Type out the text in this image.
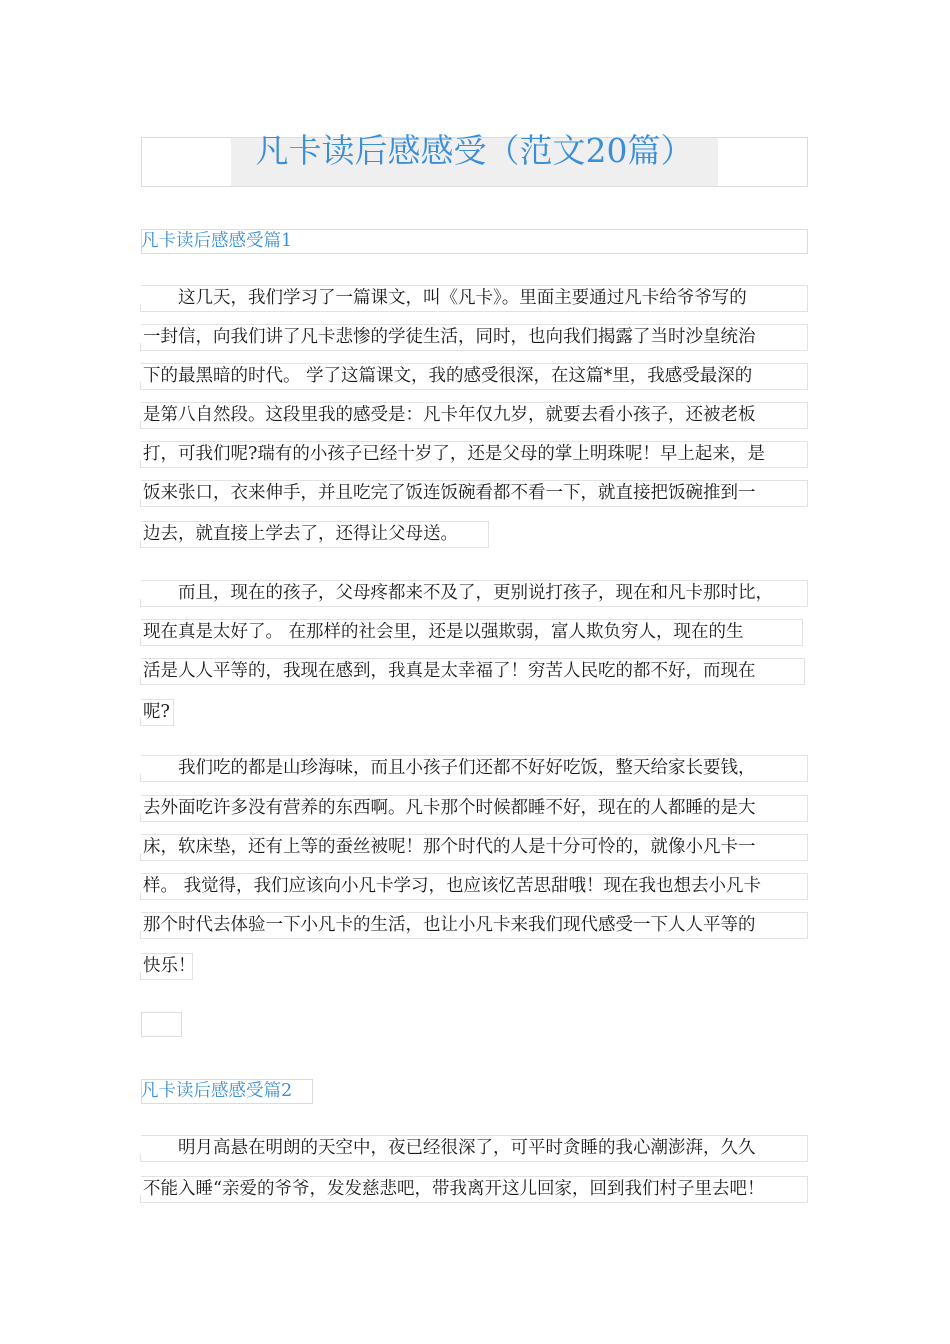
凡卡读后感感受（范文20篇）
凡卡读后感感受篇1
　　这几天，我们学习了一篇课文，叫《凡卡》。里面主要通过凡卡给爷爷写的
一封信，向我们讲了凡卡悲惨的学徒生活，同时，也向我们揭露了当时沙皇统治
下的最黑暗的时代。 学了这篇课文，我的感受很深，在这篇*里，我感受最深的
是第八自然段。这段里我的感受是：凡卡年仅九岁，就要去看小孩子，还被老板
打，可我们呢?瑞有的小孩子已经十岁了，还是父母的掌上明珠呢！早上起来，是
饭来张口，衣来伸手，并且吃完了饭连饭碗看都不看一下，就直接把饭碗推到一
边去，就直接上学去了，还得让父母送。
　　而且，现在的孩子，父母疼都来不及了，更别说打孩子，现在和凡卡那时比，
现在真是太好了。 在那样的社会里，还是以强欺弱，富人欺负穷人，现在的生
活是人人平等的，我现在感到，我真是太幸福了！穷苦人民吃的都不好，而现在
呢?
　　我们吃的都是山珍海味，而且小孩子们还都不好好吃饭，整天给家长要钱，
去外面吃许多没有营养的东西啊。凡卡那个时候都睡不好，现在的人都睡的是大
床，软床垫，还有上等的蚕丝被呢！那个时代的人是十分可怜的，就像小凡卡一
样。 我觉得，我们应该向小凡卡学习，也应该忆苦思甜哦！现在我也想去小凡卡
那个时代去体验一下小凡卡的生活，也让小凡卡来我们现代感受一下人人平等的
快乐！
凡卡读后感感受篇2
　　明月高悬在明朗的天空中，夜已经很深了，可平时贪睡的我心潮澎湃，久久
不能入睡“亲爱的爷爷，发发慈悲吧，带我离开这儿回家，回到我们村子里去吧！
